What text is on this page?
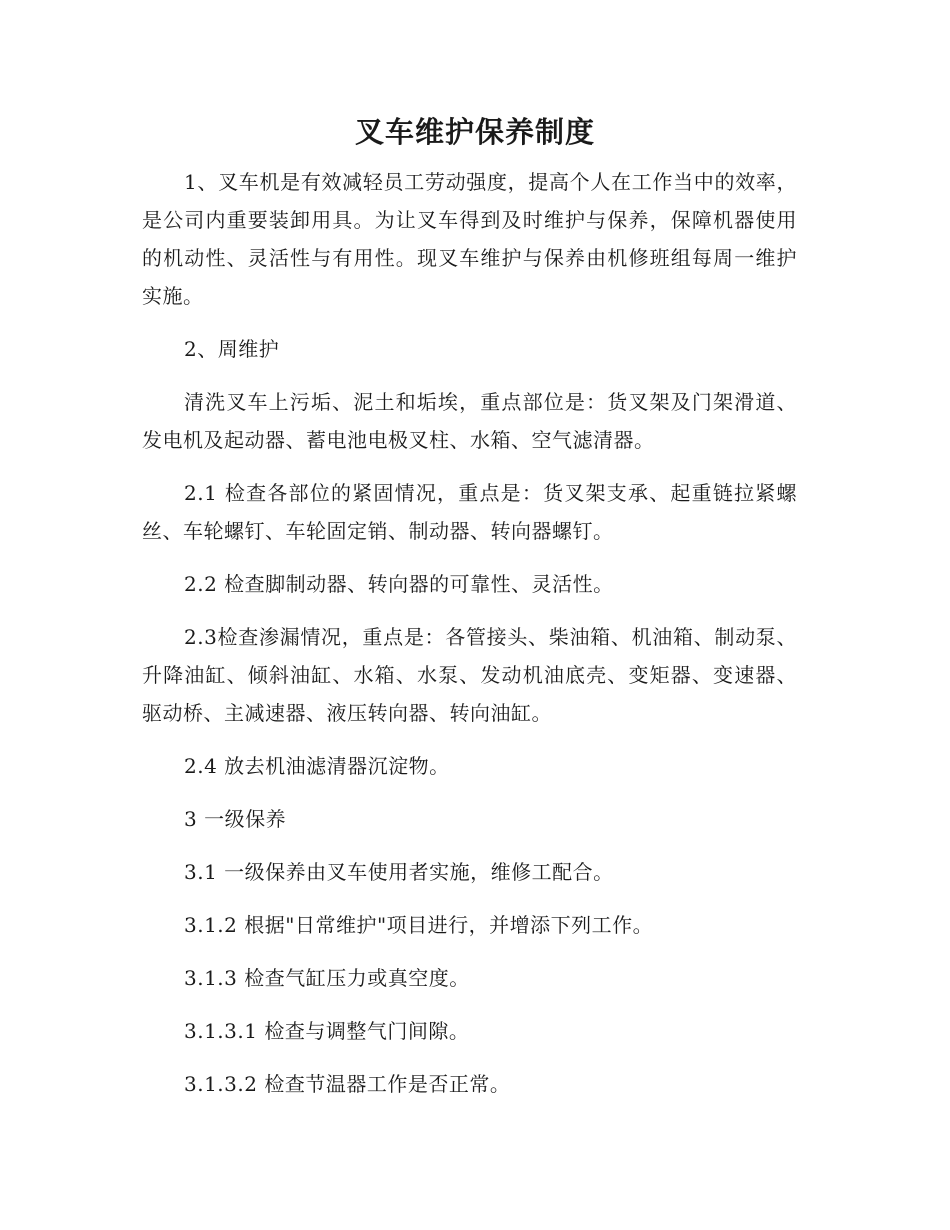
叉车维护保养制度

1、叉车机是有效减轻员工劳动强度，提高个人在工作当中的效率，是公司内重要装卸用具。为让叉车得到及时维护与保养，保障机器使用的机动性、灵活性与有用性。现叉车维护与保养由机修班组每周一维护实施。

2、周维护

清洗叉车上污垢、泥土和垢埃，重点部位是：货叉架及门架滑道、发电机及起动器、蓄电池电极叉柱、水箱、空气滤清器。

2.1 检查各部位的紧固情况，重点是：货叉架支承、起重链拉紧螺丝、车轮螺钉、车轮固定销、制动器、转向器螺钉。

2.2 检查脚制动器、转向器的可靠性、灵活性。

2.3检查渗漏情况，重点是：各管接头、柴油箱、机油箱、制动泵、升降油缸、倾斜油缸、水箱、水泵、发动机油底壳、变矩器、变速器、驱动桥、主减速器、液压转向器、转向油缸。

2.4 放去机油滤清器沉淀物。

3 一级保养

3.1 一级保养由叉车使用者实施，维修工配合。

3.1.2 根据"日常维护"项目进行，并增添下列工作。

3.1.3 检查气缸压力或真空度。

3.1.3.1 检查与调整气门间隙。

3.1.3.2 检查节温器工作是否正常。
